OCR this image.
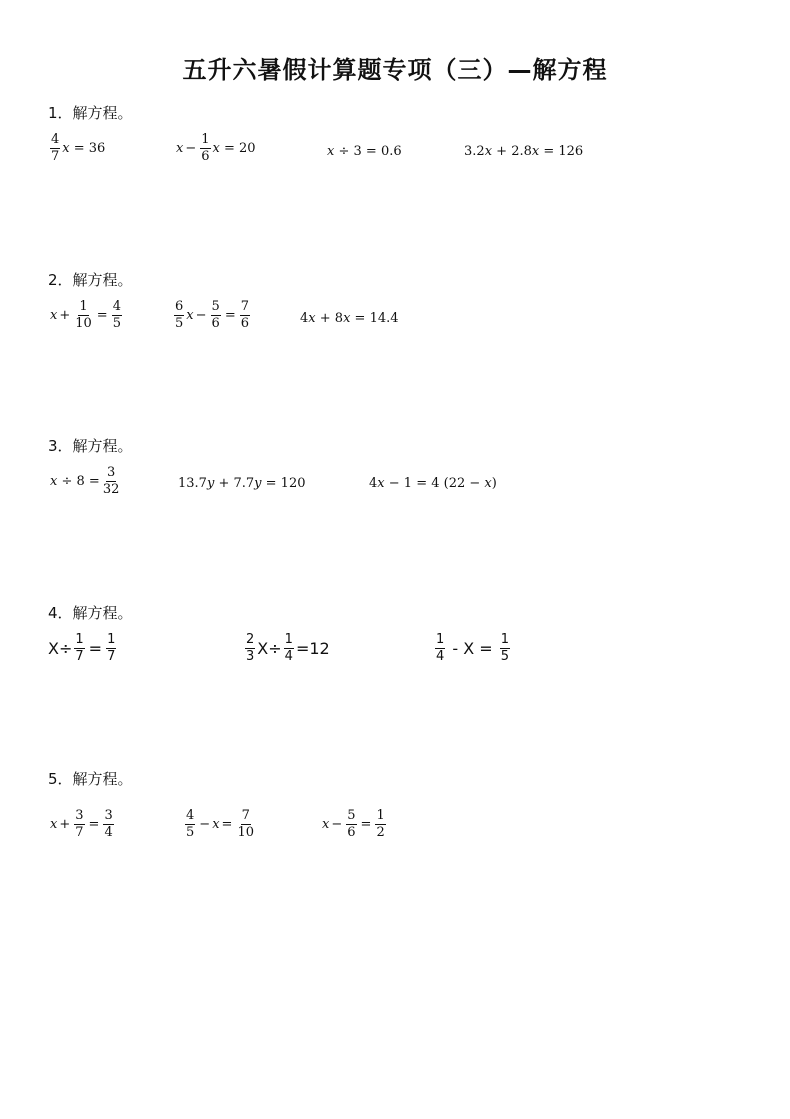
五升六暑假计算题专项（三）—解方程
1．解方程。
$\frac{4}{7}$ x
= 36	$x - \frac{1}{6}$ x
= 20	x
÷ 3 = 0.6	3.2 x
+ 2.8 x
= 126
2．解方程。
$x + \frac{1}{10} = \frac{4}{5}$	$\frac{6}{5}$ $x - \frac{5}{6} = \frac{7}{6}$	4 x
+ 8 x
= 14.4
3．解方程。
x
÷ $8 = \frac{3}{32}$	13.7 y
+ 7.7 y
= 120	4 x
− 1 = 4 (22 −
x )
4．解方程。
$X\div \frac{1}{7} = \frac{1}{7}$	$\frac{2}{3} X\div \frac{1}{4} =12$	$\frac{1}{4}$
- X =
$\frac{1}{5}$
5．解方程。
$x + \frac{3}{7} = \frac{3}{4}$	$\frac{4}{5} - x = \frac{7}{10}$	$x - \frac{5}{6} = \frac{1}{2}$
